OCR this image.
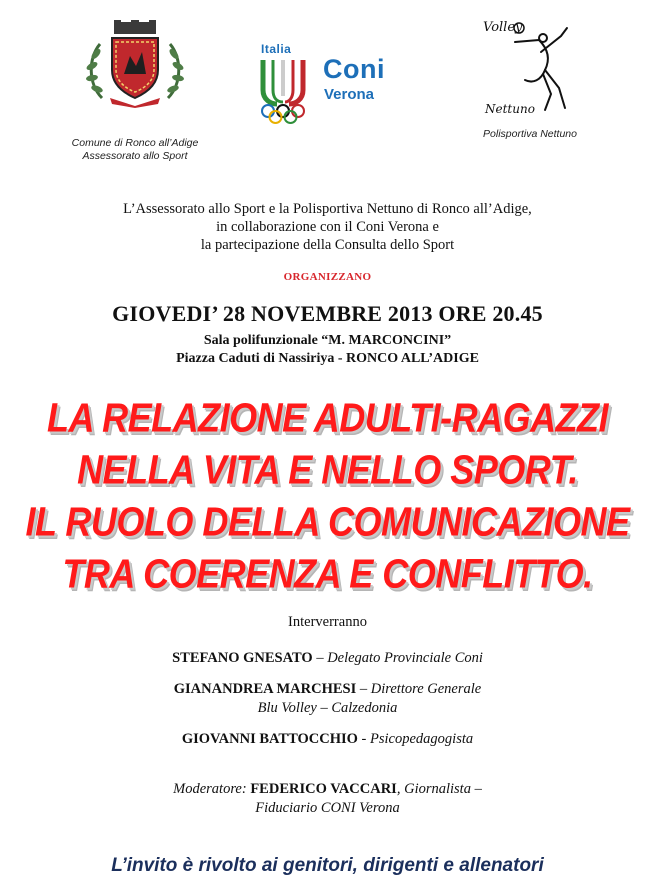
Comune di Ronco all’Adige
Assessorato allo Sport
Italia
Coni
Verona
Volley
Nettuno
Polisportiva Nettuno
L’Assessorato allo Sport e la Polisportiva Nettuno di Ronco all’Adige,
in collaborazione con il Coni Verona e
la partecipazione della Consulta dello Sport
ORGANIZZANO
GIOVEDI’ 28 NOVEMBRE 2013 ORE 20.45
Sala polifunzionale “M. MARCONCINI”
Piazza Caduti di Nassiriya - RONCO ALL’ADIGE
LA RELAZIONE ADULTI-RAGAZZI
NELLA VITA E NELLO SPORT.
IL RUOLO DELLA COMUNICAZIONE
TRA COERENZA E CONFLITTO.
Interverranno
STEFANO GNESATO – Delegato Provinciale Coni
GIANANDREA MARCHESI – Direttore Generale
Blu Volley – Calzedonia
GIOVANNI BATTOCCHIO - Psicopedagogista
Moderatore: FEDERICO VACCARI, Giornalista –
Fiduciario CONI Verona
L’invito è rivolto ai genitori, dirigenti e allenatori
